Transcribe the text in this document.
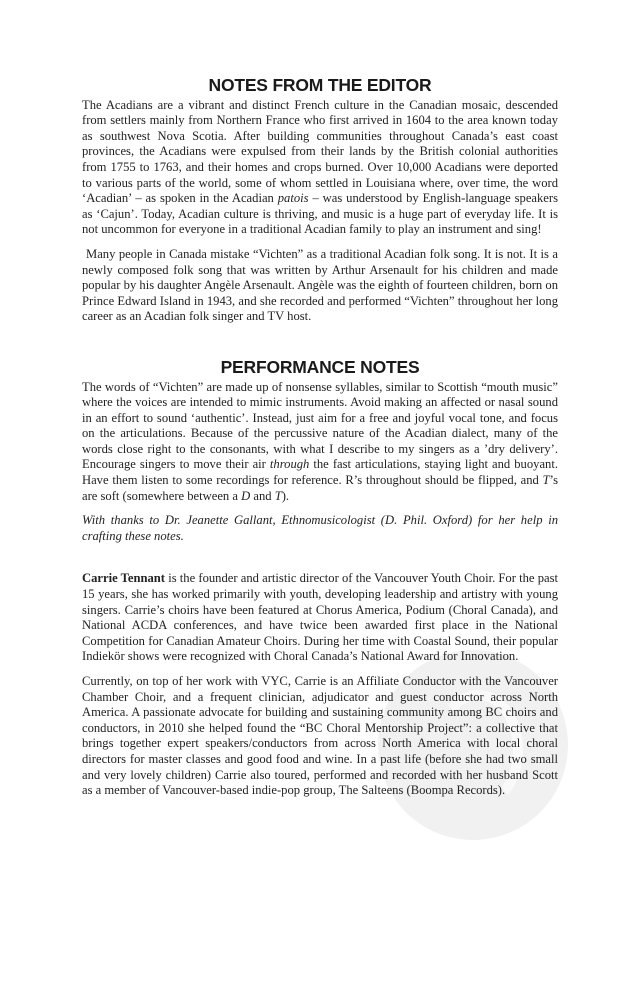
NOTES FROM THE EDITOR

The Acadians are a vibrant and distinct French culture in the Canadian mosaic, descended from settlers mainly from Northern France who first arrived in 1604 to the area known today as southwest Nova Scotia. After building communities throughout Canada’s east coast provinces, the Acadians were expulsed from their lands by the British colonial authorities from 1755 to 1763, and their homes and crops burned. Over 10,000 Acadians were deported to various parts of the world, some of whom settled in Louisiana where, over time, the word ‘Acadian’ – as spoken in the Acadian patois – was understood by English-language speakers as ‘Cajun’. Today, Acadian culture is thriving, and music is a huge part of everyday life. It is not uncommon for everyone in a traditional Acadian family to play an instrument and sing!

Many people in Canada mistake “Vichten” as a traditional Acadian folk song. It is not. It is a newly composed folk song that was written by Arthur Arsenault for his children and made popular by his daughter Angèle Arsenault. Angèle was the eighth of fourteen children, born on Prince Edward Island in 1943, and she recorded and performed “Vichten” throughout her long career as an Acadian folk singer and TV host.

PERFORMANCE NOTES

The words of “Vichten” are made up of nonsense syllables, similar to Scottish “mouth music” where the voices are intended to mimic instruments. Avoid making an affected or nasal sound in an effort to sound ‘authentic’. Instead, just aim for a free and joyful vocal tone, and focus on the articulations. Because of the percussive nature of the Acadian dialect, many of the words close right to the consonants, with what I describe to my singers as a ’dry delivery’. Encourage singers to move their air through the fast articulations, staying light and buoyant. Have them listen to some recordings for reference. R’s throughout should be flipped, and T’s are soft (somewhere between a D and T).

With thanks to Dr. Jeanette Gallant, Ethnomusicologist (D. Phil. Oxford) for her help in crafting these notes.

Carrie Tennant is the founder and artistic director of the Vancouver Youth Choir. For the past 15 years, she has worked primarily with youth, developing leadership and artistry with young singers. Carrie’s choirs have been featured at Chorus America, Podium (Choral Canada), and National ACDA conferences, and have twice been awarded first place in the National Competition for Canadian Amateur Choirs. During her time with Coastal Sound, their popular Indiekör shows were recognized with Choral Canada’s National Award for Innovation.

Currently, on top of her work with VYC, Carrie is an Affiliate Conductor with the Vancouver Chamber Choir, and a frequent clinician, adjudicator and guest conductor across North America. A passionate advocate for building and sustaining community among BC choirs and conductors, in 2010 she helped found the “BC Choral Mentorship Project”: a collective that brings together expert speakers/conductors from across North America with local choral directors for master classes and good food and wine. In a past life (before she had two small and very lovely children) Carrie also toured, performed and recorded with her husband Scott as a member of Vancouver-based indie-pop group, The Salteens (Boompa Records).
